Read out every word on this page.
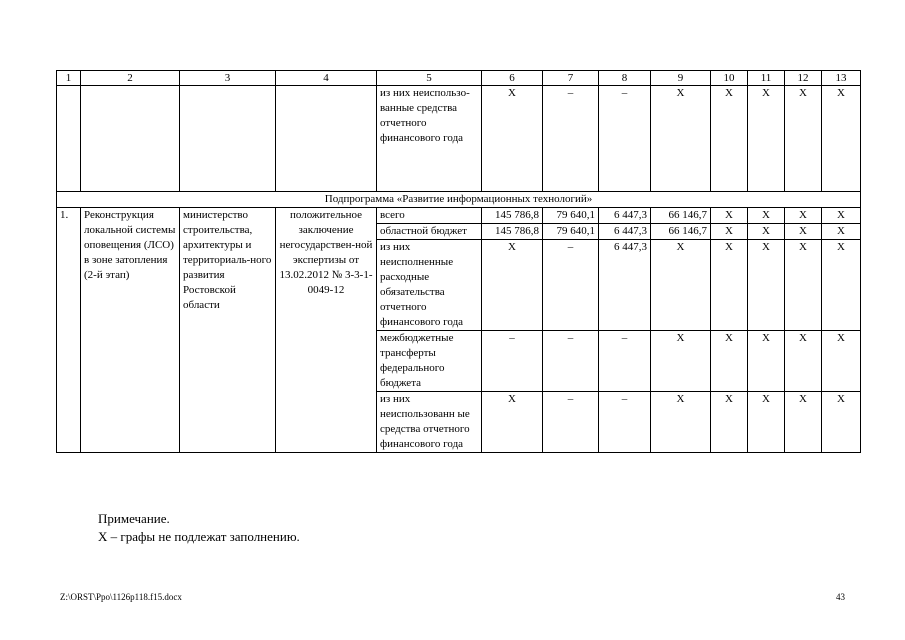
1	2	3	4	5	6	7	8	9	10	11	12	13
				из них неиспользо-ванные средства отчетного финансового года	X	–	–	X	X	X	X	X
Подпрограмма «Развитие информационных технологий»												
1.	Реконструкция локальной системы оповещения (ЛСО) в зоне затопления (2-й этап)	министерство строительства, архитектуры и территориаль-ного развития Ростовской области	положительное заключение негосударствен-ной экспертизы от 13.02.2012 № 3-3-1-0049-12	всего	145 786,8	79 640,1	6 447,3	66 146,7	X	X	X	X
				областной бюджет	145 786,8	79 640,1	6 447,3	66 146,7	X	X	X	X
				из них неисполненные расходные обязательства отчетного финансового года	X	–	6 447,3	X	X	X	X	X
				межбюджетные трансферты федерального бюджета	–	–	–	X	X	X	X	X
				из них неиспользованн ые средства отчетного финансового года	X	–	–	X	X	X	X	X
Примечание.
X – графы не подлежат заполнению.
Z:\ORST\Ppo\1126p118.f15.docx	43
